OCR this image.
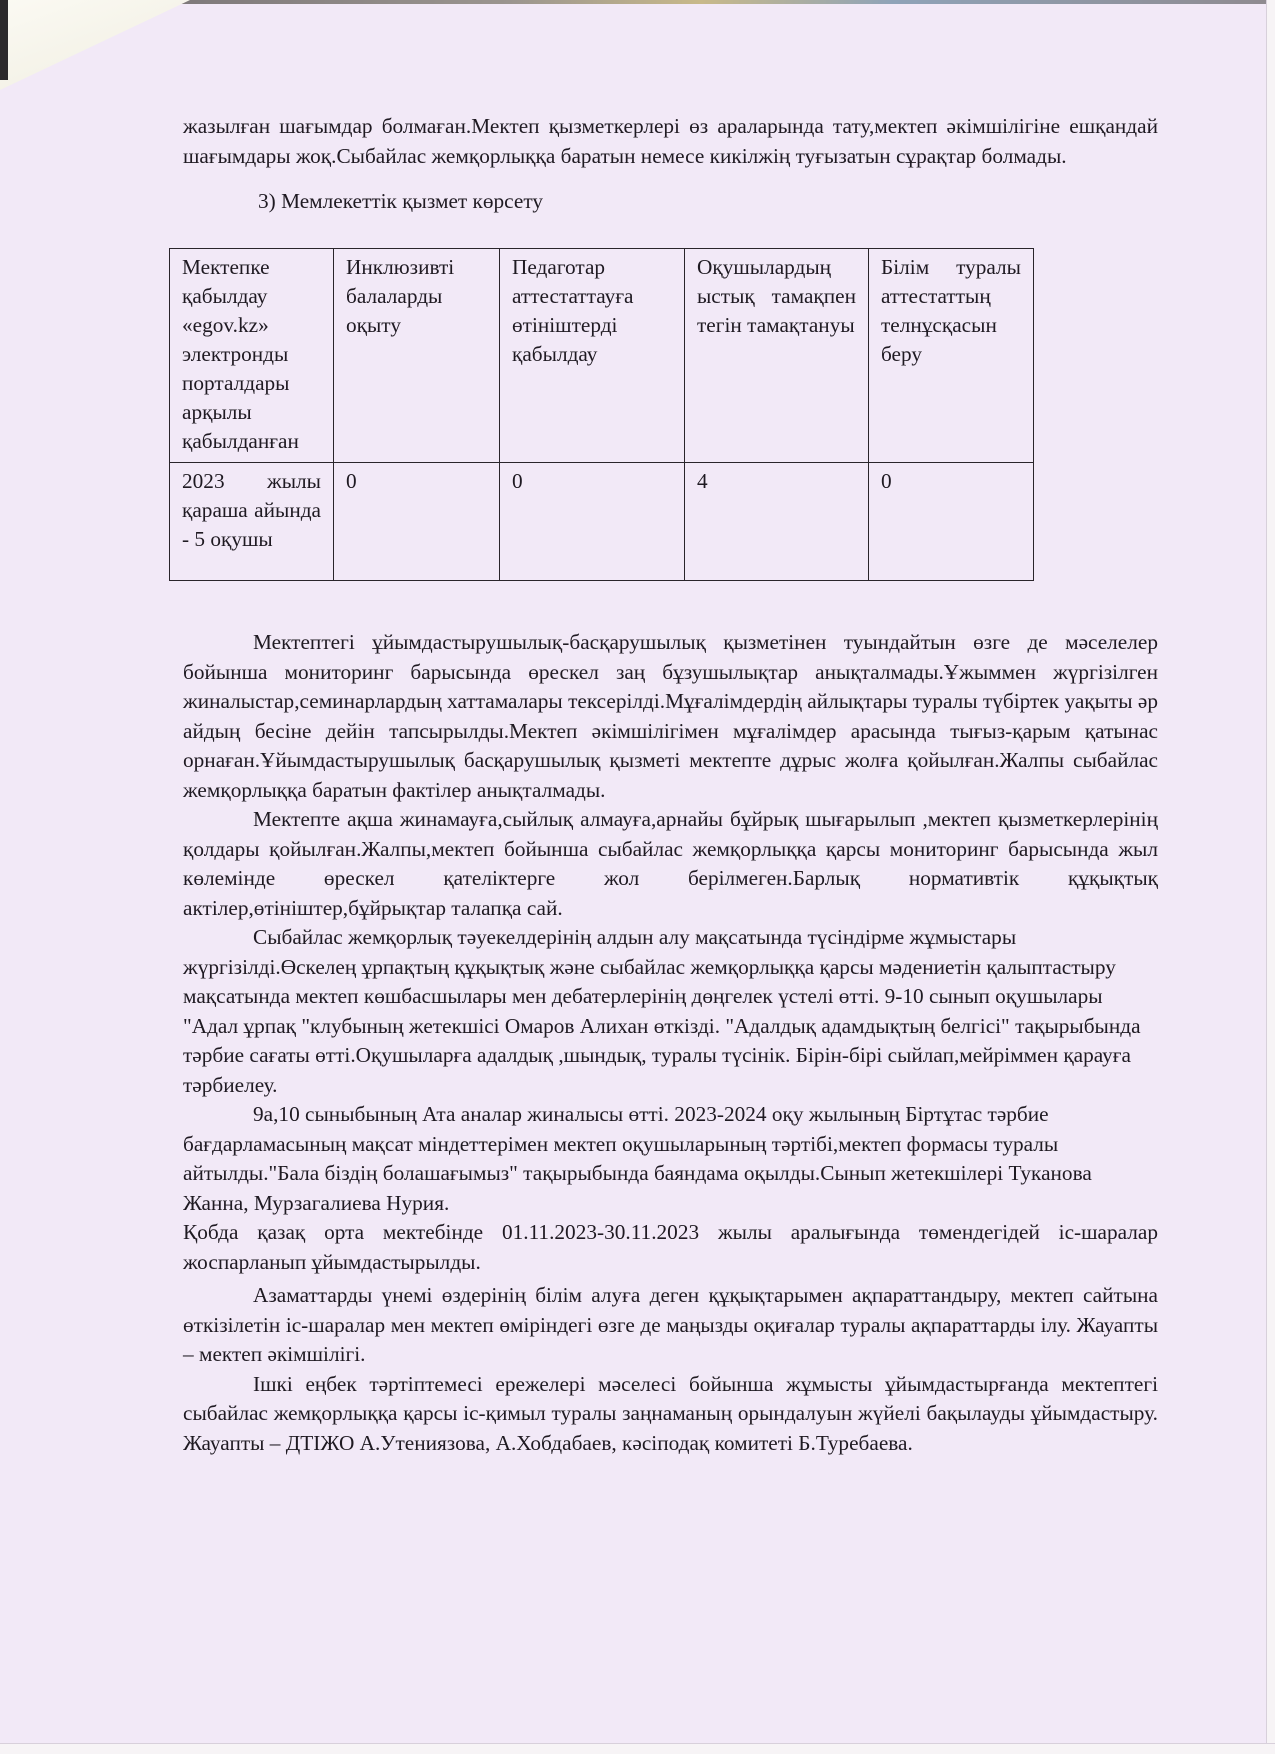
жазылған шағымдар болмаған.Мектеп қызметкерлері өз араларында тату,мектеп әкімшілігіне ешқандай шағымдары жоқ.Сыбайлас жемқорлыққа баратын немесе кикілжің туғызатын сұрақтар болмады.

3) Мемлекеттік қызмет көрсету

Мектепке қабылдау «egov.kz» электронды порталдары арқылы қабылданған	Инклюзивті балаларды оқыту	Педаготар аттестаттауға өтініштерді қабылдау	Оқушылардың ыстық тамақпен тегін тамақтануы	Білім туралы аттестаттың телнұсқасын беру
2023 жылы қараша айында - 5 оқушы	0	0	4	0

Мектептегі ұйымдастырушылық-басқарушылық қызметінен туындайтын өзге де мәселелер бойынша мониторинг барысында өрескел заң бұзушылықтар анықталмады.Ұжыммен жүргізілген жиналыстар,семинарлардың хаттамалары тексерілді.Мұғалімдердің айлықтары туралы түбіртек уақыты әр айдың бесіне дейін тапсырылды.Мектеп әкімшілігімен мұғалімдер арасында тығыз-қарым қатынас орнаған.Ұйымдастырушылық басқарушылық қызметі мектепте дұрыс жолға қойылған.Жалпы сыбайлас жемқорлыққа баратын фактілер анықталмады.

Мектепте ақша жинамауға,сыйлық алмауға,арнайы бұйрық шығарылып ,мектеп қызметкерлерінің қолдары қойылған.Жалпы,мектеп бойынша сыбайлас жемқорлыққа қарсы мониторинг барысында жыл көлемінде өрескел қателіктерге жол берілмеген.Барлық нормативтік құқықтық актілер,өтініштер,бұйрықтар талапқа сай.

Сыбайлас жемқорлық тәуекелдерінің алдын алу мақсатында түсіндірме жұмыстары жүргізілді.Өскелең ұрпақтың құқықтық және сыбайлас жемқорлыққа қарсы мәдениетін қалыптастыру мақсатында мектеп көшбасшылары мен дебатерлерінің дөңгелек үстелі өтті. 9-10 сынып оқушылары "Адал ұрпақ "клубының жетекшісі Омаров Алихан өткізді. "Адалдық адамдықтың белгісі" тақырыбында тәрбие сағаты өтті.Оқушыларға адалдық ,шындық, туралы түсінік. Бірін-бірі сыйлап,мейріммен қарауға тәрбиелеу.

9а,10 сыныбының Ата аналар жиналысы өтті. 2023-2024 оқу жылының Біртұтас тәрбие бағдарламасының мақсат міндеттерімен мектеп оқушыларының тәртібі,мектеп формасы туралы айтылды."Бала біздің болашағымыз" тақырыбында баяндама оқылды.Сынып жетекшілері Туканова Жанна, Мурзагалиева Нурия.

Қобда қазақ орта мектебінде 01.11.2023-30.11.2023 жылы аралығында төмендегідей іс-шаралар жоспарланып ұйымдастырылды.

Азаматтарды үнемі өздерінің білім алуға деген құқықтарымен ақпараттандыру, мектеп сайтына өткізілетін іс-шаралар мен мектеп өміріндегі өзге де маңызды оқиғалар туралы ақпараттарды ілу. Жауапты – мектеп әкімшілігі.

Ішкі еңбек тәртіптемесі ережелері мәселесі бойынша жұмысты ұйымдастырғанда мектептегі сыбайлас жемқорлыққа қарсы іс-қимыл туралы заңнаманың орындалуын жүйелі бақылауды ұйымдастыру. Жауапты – ДТІЖО А.Утениязова, А.Хобдабаев, кәсіподақ комитеті Б.Туребаева.
